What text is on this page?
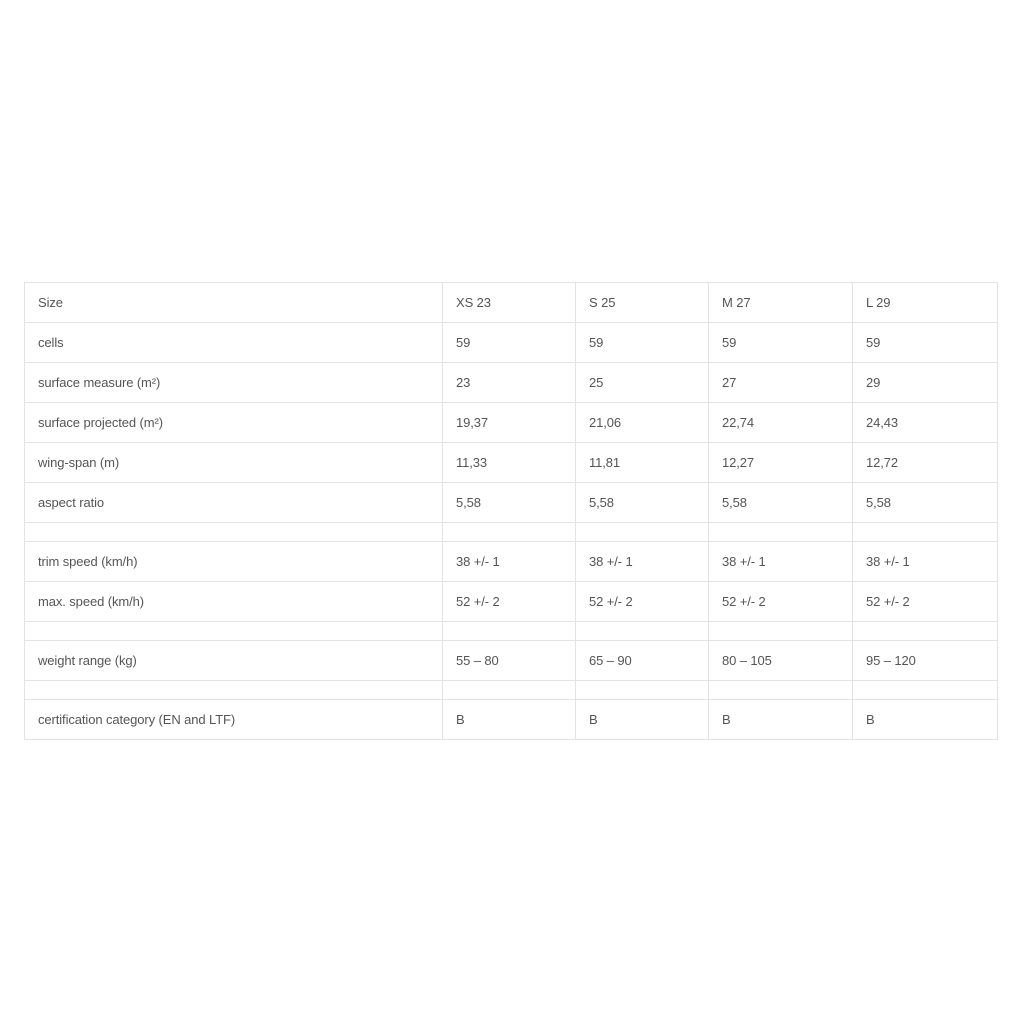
Size	XS 23	S 25	M 27	L 29
cells	59	59	59	59
surface measure (m²)	23	25	27	29
surface projected (m²)	19,37	21,06	22,74	24,43
wing-span (m)	11,33	11,81	12,27	12,72
aspect ratio	5,58	5,58	5,58	5,58

trim speed (km/h)	38 +/- 1	38 +/- 1	38 +/- 1	38 +/- 1
max. speed (km/h)	52 +/- 2	52 +/- 2	52 +/- 2	52 +/- 2

weight range (kg)	55 – 80	65 – 90	80 – 105	95 – 120

certification category (EN and LTF)	B	B	B	B
